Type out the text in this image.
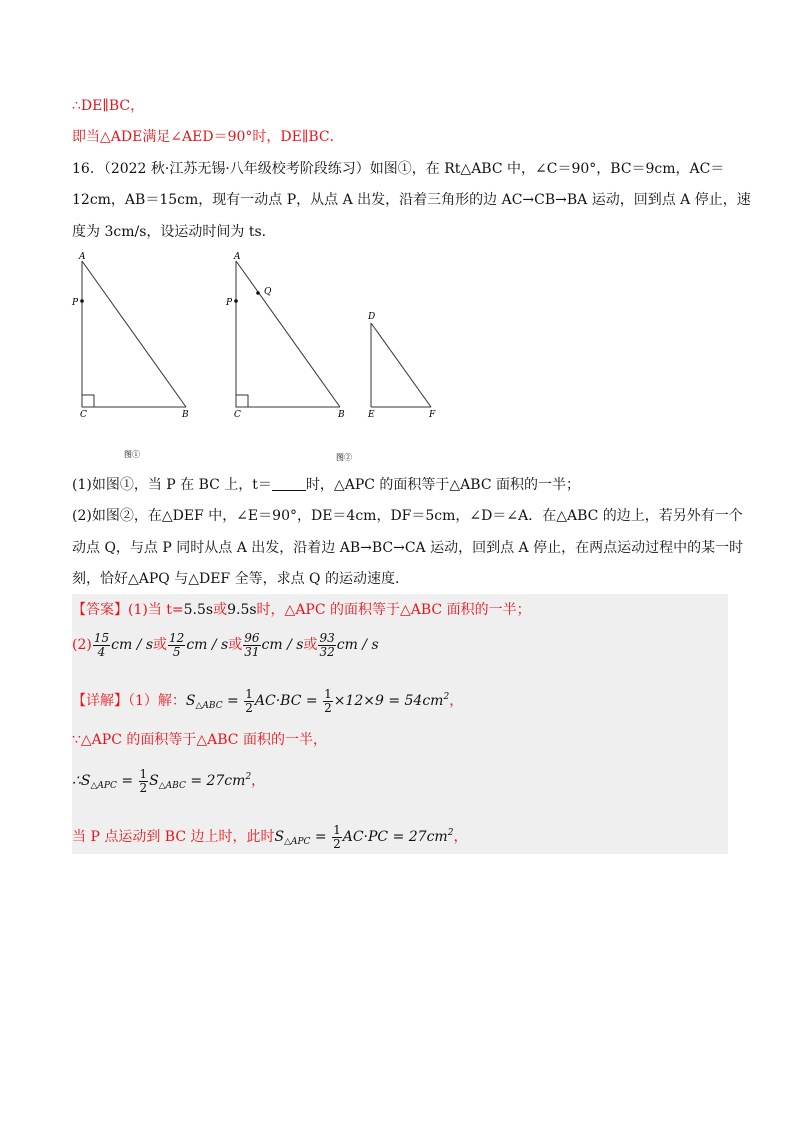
∴DE∥BC，
即当△ADE满足∠AED＝90°时，DE∥BC．
16．（2022 秋·江苏无锡·八年级校考阶段练习）如图①，在 Rt△ABC 中，∠C＝90°，BC＝9cm，AC＝
12cm，AB＝15cm，现有一动点 P，从点 A 出发，沿着三角形的边 AC→CB→BA 运动，回到点 A 停止，速
度为 3cm/s，设运动时间为 ts．
A
P
C	B
图①
A
P
Q
C	B
D
E	F
图②
(1)如图①，当 P 在 BC 上，t＝ 时，△APC 的面积等于△ABC 面积的一半；
(2)如图②，在△DEF 中，∠E＝90°，DE＝4cm，DF＝5cm，∠D＝∠A．在△ABC 的边上，若另外有一个
动点 Q，与点 P 同时从点 A 出发，沿着边 AB→BC→CA 运动，回到点 A 停止，在两点运动过程中的某一时
刻，恰好△APQ 与△DEF 全等，求点 Q 的运动速度．
【答案】(1)当 t=5.5s或9.5s时，△APC 的面积等于△ABC 面积的一半；
$(2) \frac{15}{4}$ cm / s或 $\frac{12}{5}$ cm / s或 $\frac{96}{31}$ cm / s或 $\frac{93}{32}$ cm / s
【详解】（1）解：$S_{\triangle ABC} = \frac{1}{2} AC\cdot BC = \frac{1}{2} \times 12\times 9 = 54cm^2$，
∵△APC 的面积等于△ABC 面积的一半，
$\therefore S_{\triangle APC} = \frac{1}{2} S_{\triangle ABC} = 27cm^2$，
当 P 点运动到 BC 边上时，此时$S_{\triangle APC} = \frac{1}{2} AC\cdot PC = 27cm^2$，
